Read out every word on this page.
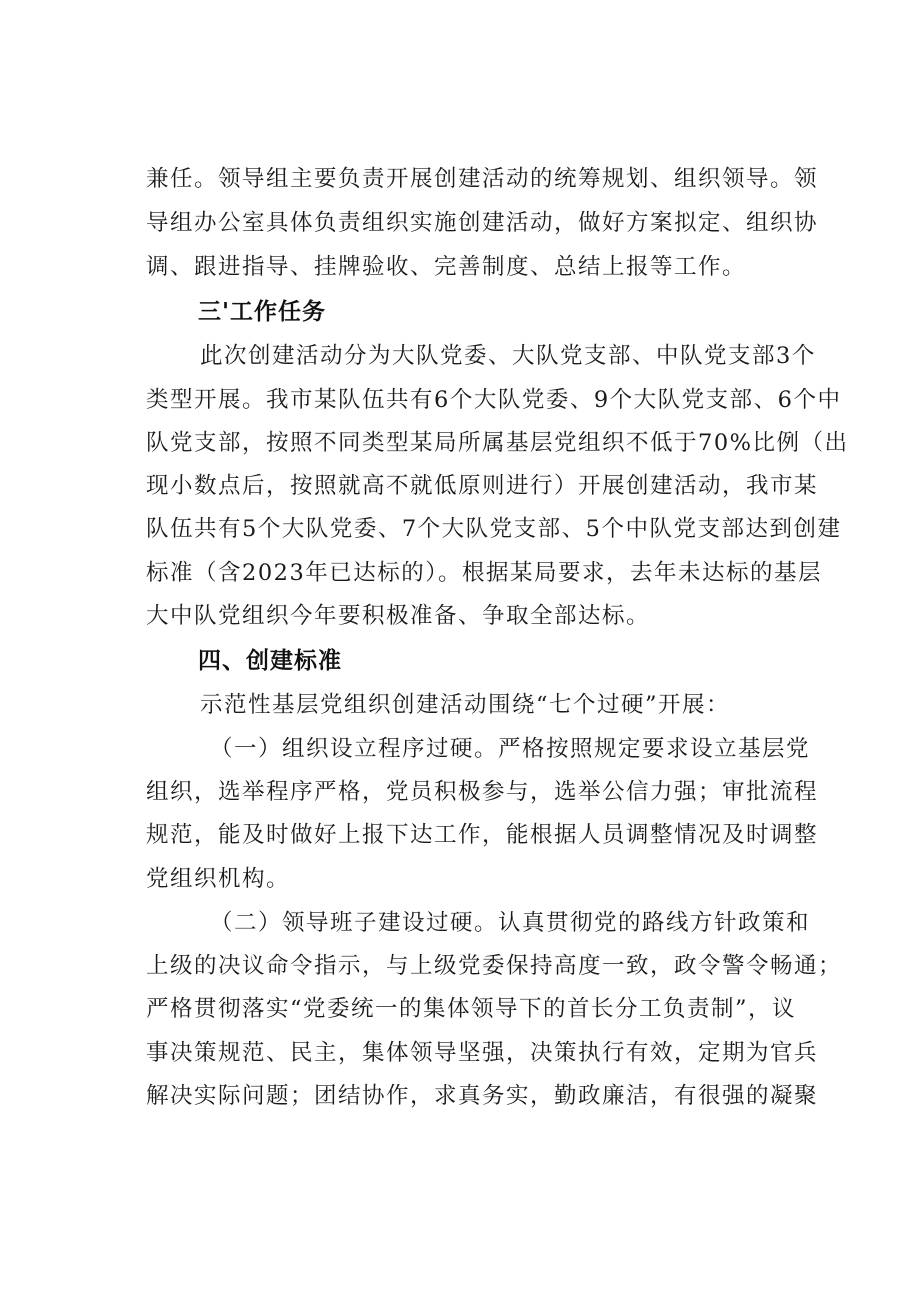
兼任。领导组主要负责开展创建活动的统筹规划、组织领导。领
导组办公室具体负责组织实施创建活动，做好方案拟定、组织协
调、跟进指导、挂牌验收、完善制度、总结上报等工作。
三'工作任务
此次创建活动分为大队党委、大队党支部、中队党支部3个
类型开展。我市某队伍共有6个大队党委、9个大队党支部、6个中
队党支部，按照不同类型某局所属基层党组织不低于70%比例（出
现小数点后，按照就高不就低原则进行）开展创建活动，我市某
队伍共有5个大队党委、7个大队党支部、5个中队党支部达到创建
标准（含2023年已达标的）。根据某局要求，去年未达标的基层
大中队党组织今年要积极准备、争取全部达标。
四、创建标准
示范性基层党组织创建活动围绕“七个过硬”开展：
（一）组织设立程序过硬。严格按照规定要求设立基层党
组织，选举程序严格，党员积极参与，选举公信力强；审批流程
规范，能及时做好上报下达工作，能根据人员调整情况及时调整
党组织机构。
（二）领导班子建设过硬。认真贯彻党的路线方针政策和
上级的决议命令指示，与上级党委保持高度一致，政令警令畅通；
严格贯彻落实“党委统一的集体领导下的首长分工负责制”，议
事决策规范、民主，集体领导坚强，决策执行有效，定期为官兵
解决实际问题；团结协作，求真务实，勤政廉洁，有很强的凝聚
